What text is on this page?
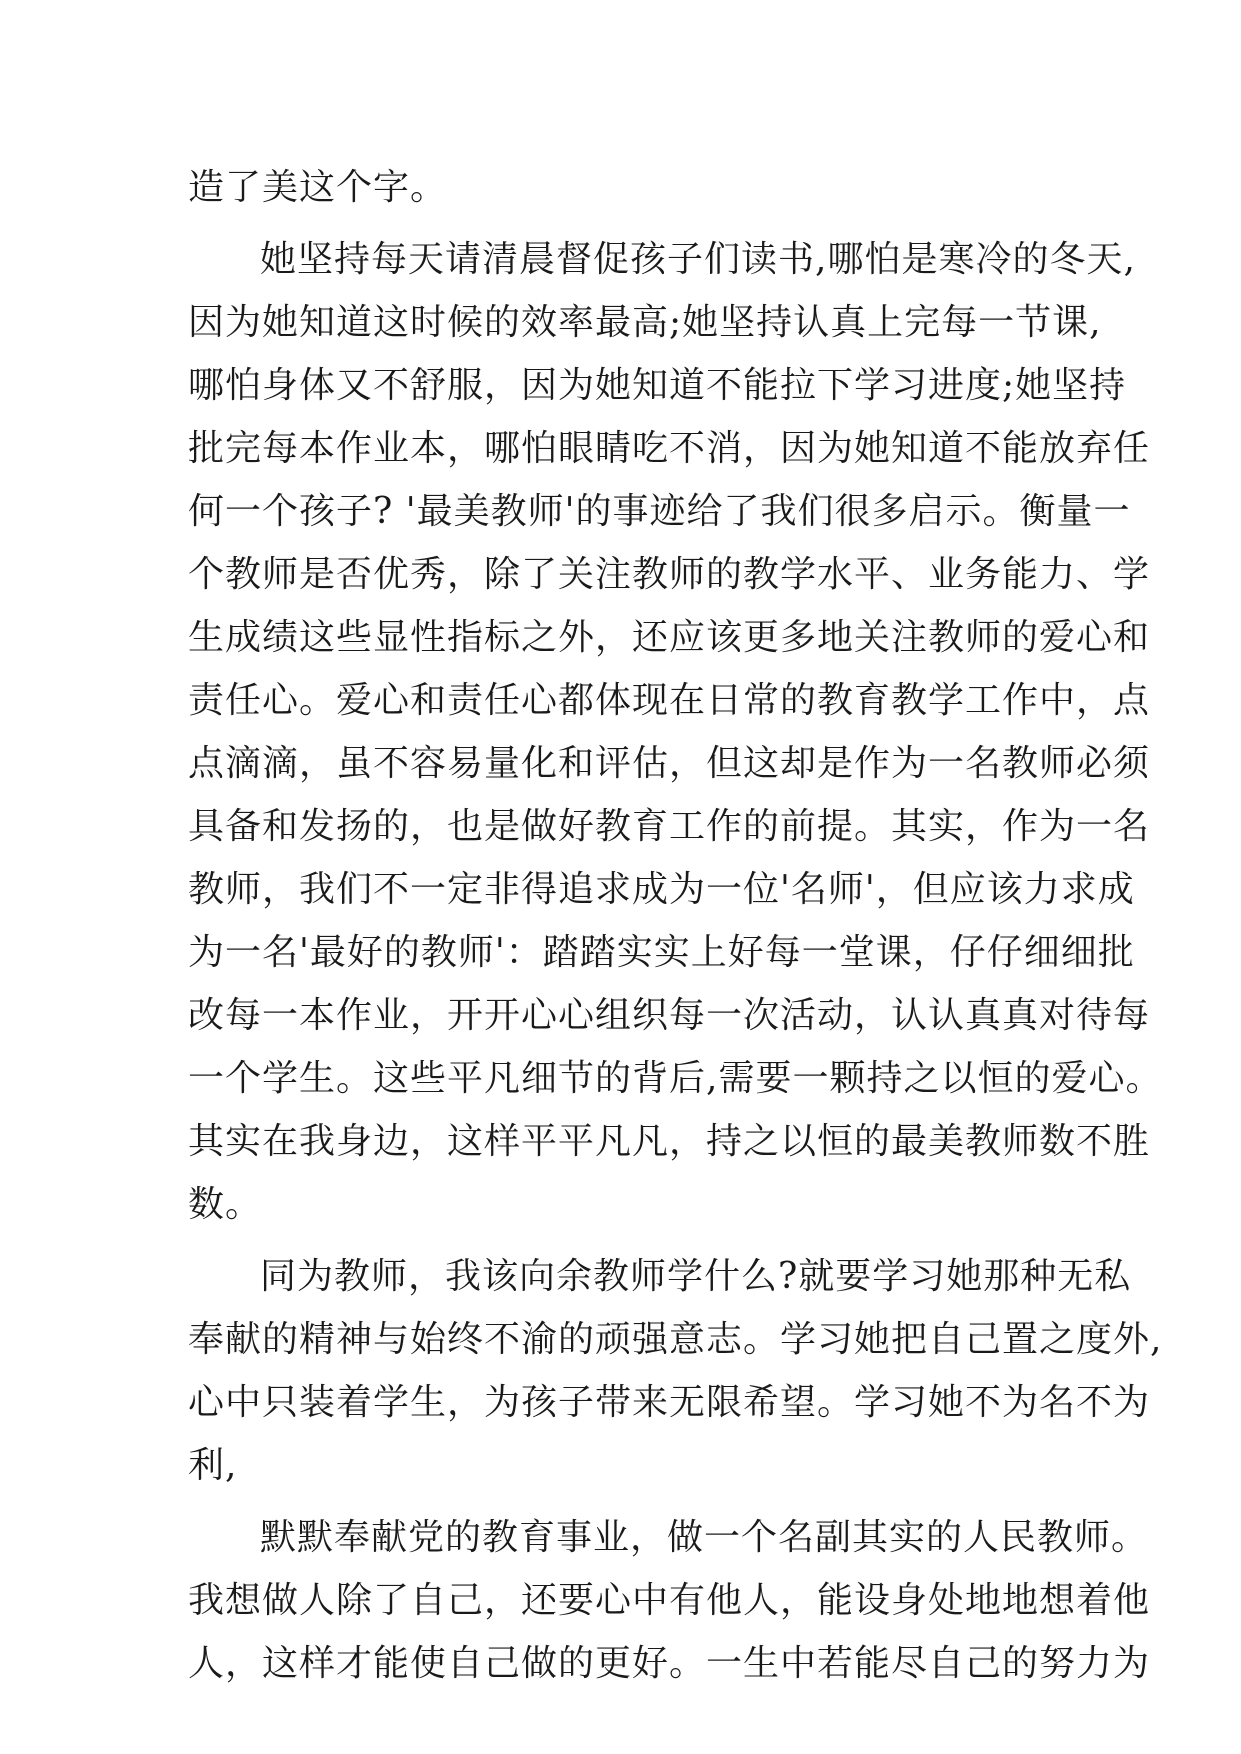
造了美这个字。
她坚持每天请清晨督促孩子们读书,哪怕是寒冷的冬天,
因为她知道这时候的效率最高;她坚持认真上完每一节课,
哪怕身体又不舒服，因为她知道不能拉下学习进度;她坚持
批完每本作业本，哪怕眼睛吃不消，因为她知道不能放弃任
何一个孩子? '最美教师'的事迹给了我们很多启示。衡量一
个教师是否优秀，除了关注教师的教学水平、业务能力、学
生成绩这些显性指标之外，还应该更多地关注教师的爱心和
责任心。爱心和责任心都体现在日常的教育教学工作中，点
点滴滴，虽不容易量化和评估，但这却是作为一名教师必须
具备和发扬的，也是做好教育工作的前提。其实，作为一名
教师，我们不一定非得追求成为一位'名师'，但应该力求成
为一名'最好的教师'：踏踏实实上好每一堂课，仔仔细细批
改每一本作业，开开心心组织每一次活动，认认真真对待每
一个学生。这些平凡细节的背后,需要一颗持之以恒的爱心。
其实在我身边，这样平平凡凡，持之以恒的最美教师数不胜
数。
同为教师，我该向余教师学什么?就要学习她那种无私
奉献的精神与始终不渝的顽强意志。学习她把自己置之度外,
心中只装着学生，为孩子带来无限希望。学习她不为名不为
利,
默默奉献党的教育事业，做一个名副其实的人民教师。
我想做人除了自己，还要心中有他人，能设身处地地想着他
人，这样才能使自己做的更好。一生中若能尽自己的努力为
